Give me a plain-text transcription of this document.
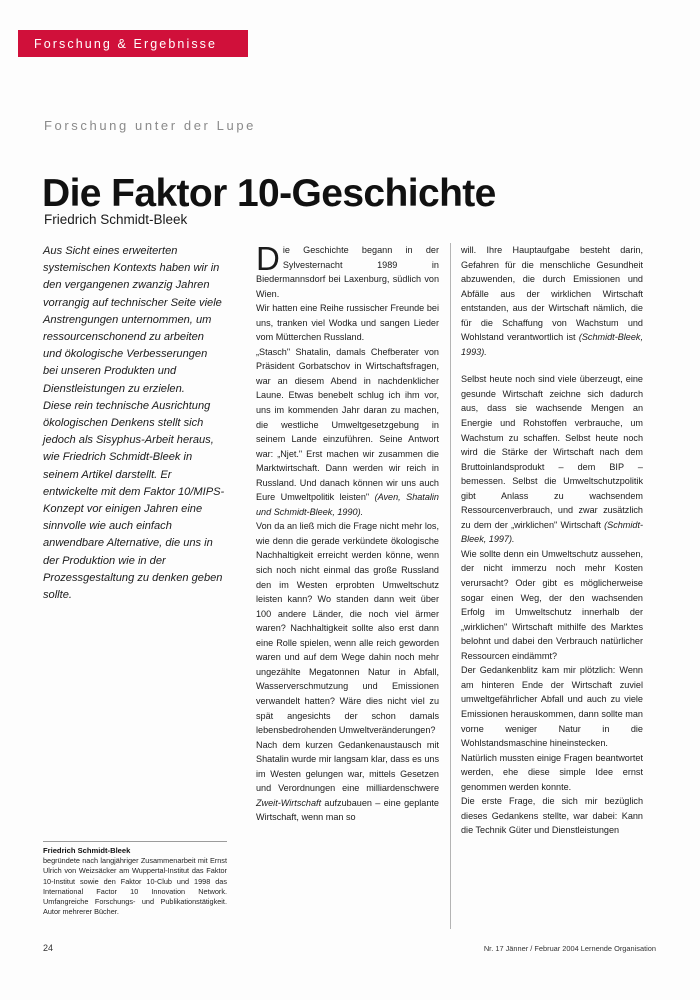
Forschung & Ergebnisse
Forschung unter der Lupe
Die Faktor 10-Geschichte
Friedrich Schmidt-Bleek

Aus Sicht eines erweiterten systemischen Kontexts haben wir in den vergangenen zwanzig Jahren vorrangig auf technischer Seite viele Anstrengungen unternommen, um ressourcenschonend zu arbeiten und ökologische Verbesserungen bei unseren Produkten und Dienstleistungen zu erzielen.

Diese rein technische Ausrichtung ökologischen Denkens stellt sich jedoch als Sisyphus-Arbeit heraus, wie Friedrich Schmidt-Bleek in seinem Artikel darstellt. Er entwickelte mit dem Faktor 10/MIPS-Konzept vor einigen Jahren eine sinnvolle wie auch einfach anwendbare Alternative, die uns in der Produktion wie in der Prozessgestaltung zu denken geben sollte.

Die Geschichte begann in der Sylvesternacht 1989 in Biedermannsdorf bei Laxenburg, südlich von Wien.

Wir hatten eine Reihe russischer Freunde bei uns, tranken viel Wodka und sangen Lieder vom Mütterchen Russland.

„Stasch" Shatalin, damals Chefberater von Präsident Gorbatschov in Wirtschaftsfragen, war an diesem Abend in nachdenklicher Laune. Etwas benebelt schlug ich ihm vor, uns im kommenden Jahr daran zu machen, die westliche Umweltgesetzgebung in seinem Lande einzuführen. Seine Antwort war: „Njet." Erst machen wir zusammen die Marktwirtschaft. Dann werden wir reich in Russland. Und danach können wir uns auch Eure Umweltpolitik leisten" (Aven, Shatalin und Schmidt-Bleek, 1990).

Von da an ließ mich die Frage nicht mehr los, wie denn die gerade verkündete ökologische Nachhaltigkeit erreicht werden könne, wenn sich noch nicht einmal das große Russland den im Westen erprobten Umweltschutz leisten kann? Wo standen dann weit über 100 andere Länder, die noch viel ärmer waren? Nachhaltigkeit sollte also erst dann eine Rolle spielen, wenn alle reich geworden waren und auf dem Wege dahin noch mehr ungezählte Megatonnen Natur in Abfall, Wasserverschmutzung und Emissionen verwandelt hatten? Wäre dies nicht viel zu spät angesichts der schon damals lebensbedrohenden Umweltveränderungen?

Nach dem kurzen Gedankenaustausch mit Shatalin wurde mir langsam klar, dass es uns im Westen gelungen war, mittels Gesetzen und Verordnungen eine milliardenschwere Zweit-Wirtschaft aufzubauen – eine geplante Wirtschaft, wenn man so

will. Ihre Hauptaufgabe besteht darin, Gefahren für die menschliche Gesundheit abzuwenden, die durch Emissionen und Abfälle aus der wirklichen Wirtschaft entstanden, aus der Wirtschaft nämlich, die für die Schaffung von Wachstum und Wohlstand verantwortlich ist (Schmidt-Bleek, 1993).

Selbst heute noch sind viele überzeugt, eine gesunde Wirtschaft zeichne sich dadurch aus, dass sie wachsende Mengen an Energie und Rohstoffen verbrauche, um Wachstum zu schaffen. Selbst heute noch wird die Stärke der Wirtschaft nach dem Bruttoinlandsprodukt – dem BIP – bemessen. Selbst die Umweltschutzpolitik gibt Anlass zu wachsendem Ressourcenverbrauch, und zwar zusätzlich zu dem der „wirklichen" Wirtschaft (Schmidt-Bleek, 1997).

Wie sollte denn ein Umweltschutz aussehen, der nicht immerzu noch mehr Kosten verursacht? Oder gibt es möglicherweise sogar einen Weg, der den wachsenden Erfolg im Umweltschutz innerhalb der „wirklichen" Wirtschaft mithilfe des Marktes belohnt und dabei den Verbrauch natürlicher Ressourcen eindämmt?

Der Gedankenblitz kam mir plötzlich: Wenn am hinteren Ende der Wirtschaft zuviel umweltgefährlicher Abfall und auch zu viele Emissionen herauskommen, dann sollte man vorne weniger Natur in die Wohlstandsmaschine hineinstecken.

Natürlich mussten einige Fragen beantwortet werden, ehe diese simple Idee ernst genommen werden konnte.

Die erste Frage, die sich mir bezüglich dieses Gedankens stellte, war dabei: Kann die Technik Güter und Dienstleistungen

Friedrich Schmidt-Bleek

begründete nach langjähriger Zusammenarbeit mit Ernst Ulrich von Weizsäcker am Wuppertal-Institut das Faktor 10-Institut sowie den Faktor 10-Club und 1998 das International Factor 10 Innovation Network. Umfangreiche Forschungs- und Publikationstätigkeit. Autor mehrerer Bücher.

24	Nr. 17 Jänner / Februar 2004 Lernende Organisation
